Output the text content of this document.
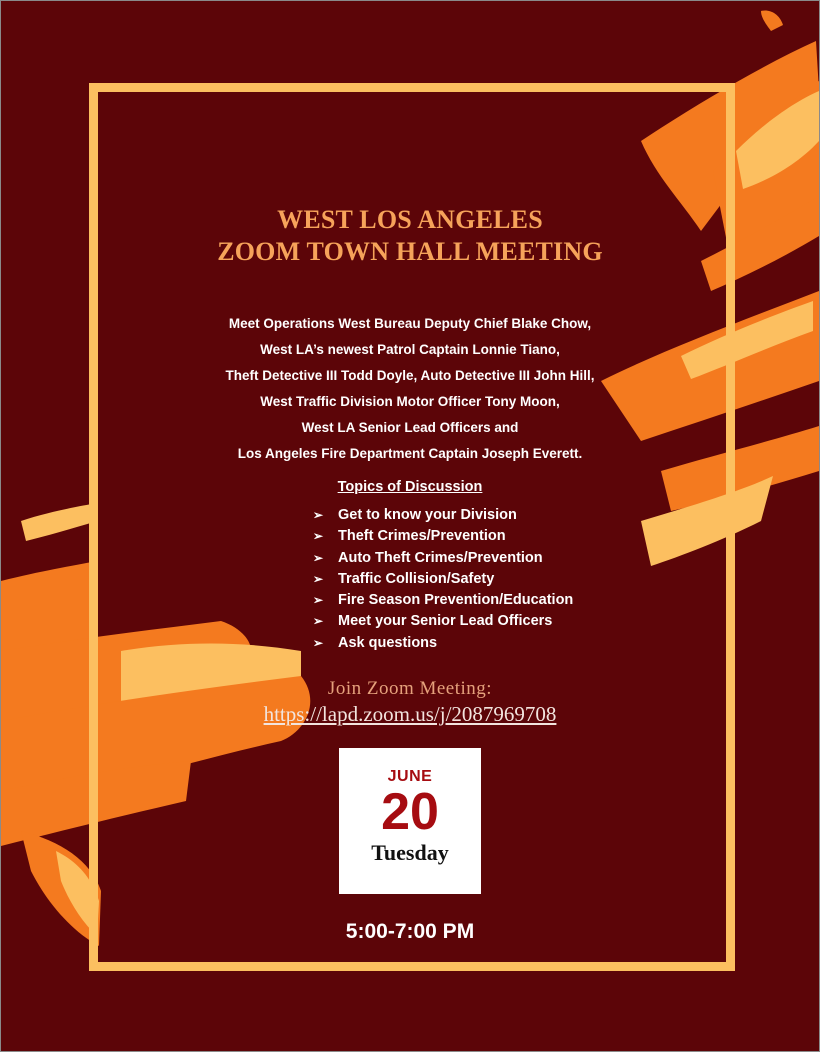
WEST LOS ANGELES
ZOOM TOWN HALL MEETING
Meet Operations West Bureau Deputy Chief Blake Chow,
West LA’s newest Patrol Captain Lonnie Tiano,
Theft Detective III Todd Doyle, Auto Detective III John Hill,
West Traffic Division Motor Officer Tony Moon,
West LA Senior Lead Officers and
Los Angeles Fire Department Captain Joseph Everett.
Topics of Discussion
➢ Get to know your Division
➢ Theft Crimes/Prevention
➢ Auto Theft Crimes/Prevention
➢ Traffic Collision/Safety
➢ Fire Season Prevention/Education
➢ Meet your Senior Lead Officers
➢ Ask questions
Join Zoom Meeting:
https://lapd.zoom.us/j/2087969708
JUNE
20
Tuesday
5:00-7:00 PM
